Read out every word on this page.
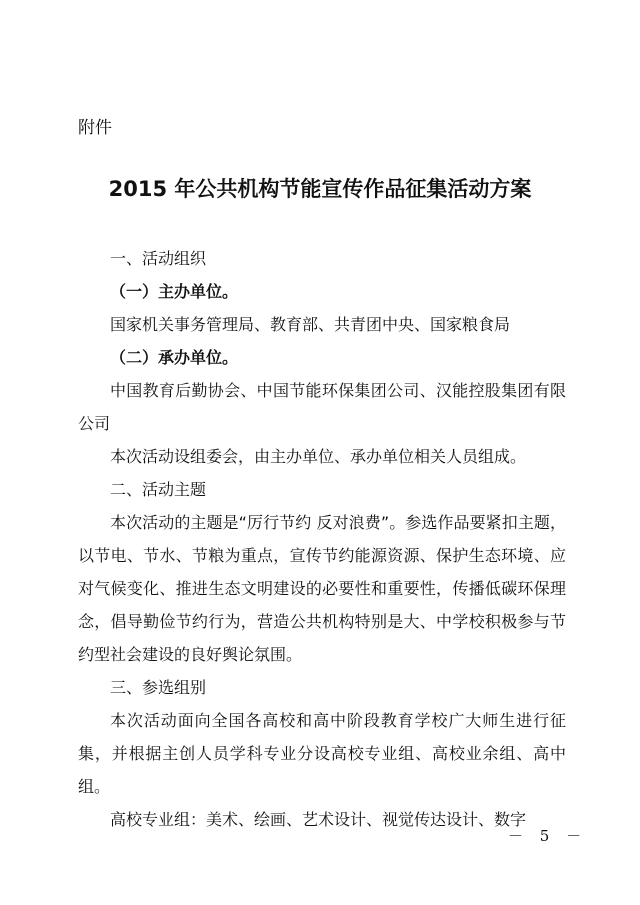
附件
2015 年公共机构节能宣传作品征集活动方案

一、活动组织

（一）主办单位。

国家机关事务管理局、教育部、共青团中央、国家粮食局

（二）承办单位。

中国教育后勤协会、中国节能环保集团公司、汉能控股集团有限公司

本次活动设组委会，由主办单位、承办单位相关人员组成。

二、活动主题

本次活动的主题是“厉行节约 反对浪费”。参选作品要紧扣主题，以节电、节水、节粮为重点，宣传节约能源资源、保护生态环境、应对气候变化、推进生态文明建设的必要性和重要性，传播低碳环保理念，倡导勤俭节约行为，营造公共机构特别是大、中学校积极参与节约型社会建设的良好舆论氛围。

三、参选组别

本次活动面向全国各高校和高中阶段教育学校广大师生进行征集，并根据主创人员学科专业分设高校专业组、高校业余组、高中组。

高校专业组：美术、绘画、艺术设计、视觉传达设计、数字

－ 5 －
